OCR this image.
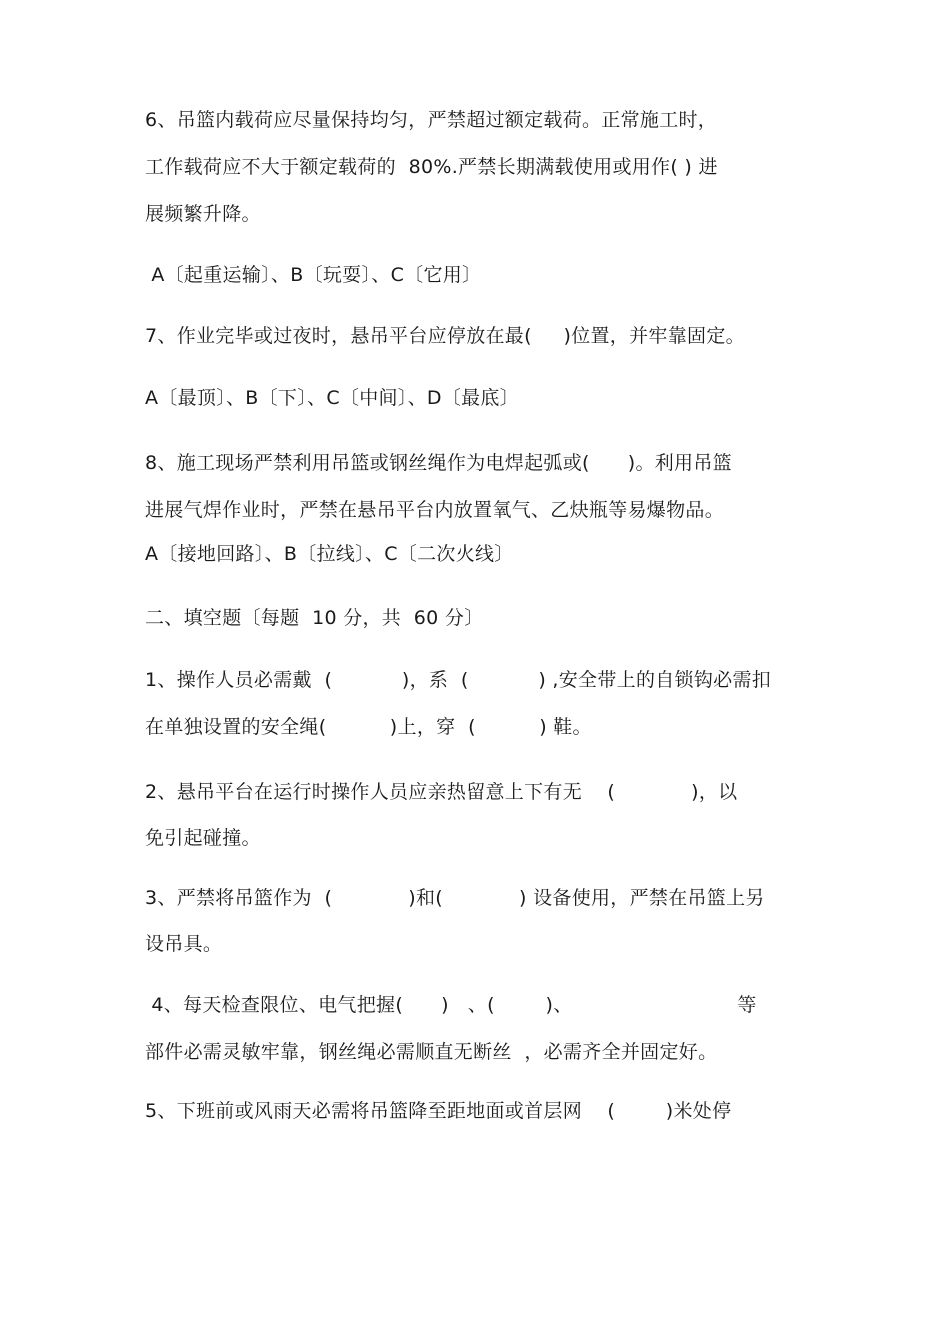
6、吊篮内载荷应尽量保持均匀，严禁超过额定载荷。正常施工时，
工作载荷应不大于额定载荷的  80%.严禁长期满载使用或用作( ) 进
展频繁升降。
A〔起重运输〕、B〔玩耍〕、C〔它用〕
7、作业完毕或过夜时，悬吊平台应停放在最(     )位置，并牢靠固定。
A〔最顶〕、B〔下〕、C〔中间〕、D〔最底〕
8、施工现场严禁利用吊篮或钢丝绳作为电焊起弧或(      )。利用吊篮
进展气焊作业时，严禁在悬吊平台内放置氧气、乙炔瓶等易爆物品。
A〔接地回路〕、B〔拉线〕、C〔二次火线〕
二、填空题〔每题  10 分，共  60 分〕
1、操作人员必需戴  (           )，系  (           ) ,安全带上的自锁钩必需扣
在单独设置的安全绳(          )上，穿  (          ) 鞋。
2、悬吊平台在运行时操作人员应亲热留意上下有无    (            )，以
免引起碰撞。
3、严禁将吊篮作为  (            )和(            ) 设备使用，严禁在吊篮上另
设吊具。
4、每天检查限位、电气把握(      )   、(        )、                          等
部件必需灵敏牢靠，钢丝绳必需顺直无断丝  ，必需齐全并固定好。
5、下班前或风雨天必需将吊篮降至距地面或首层网    (        )米处停
